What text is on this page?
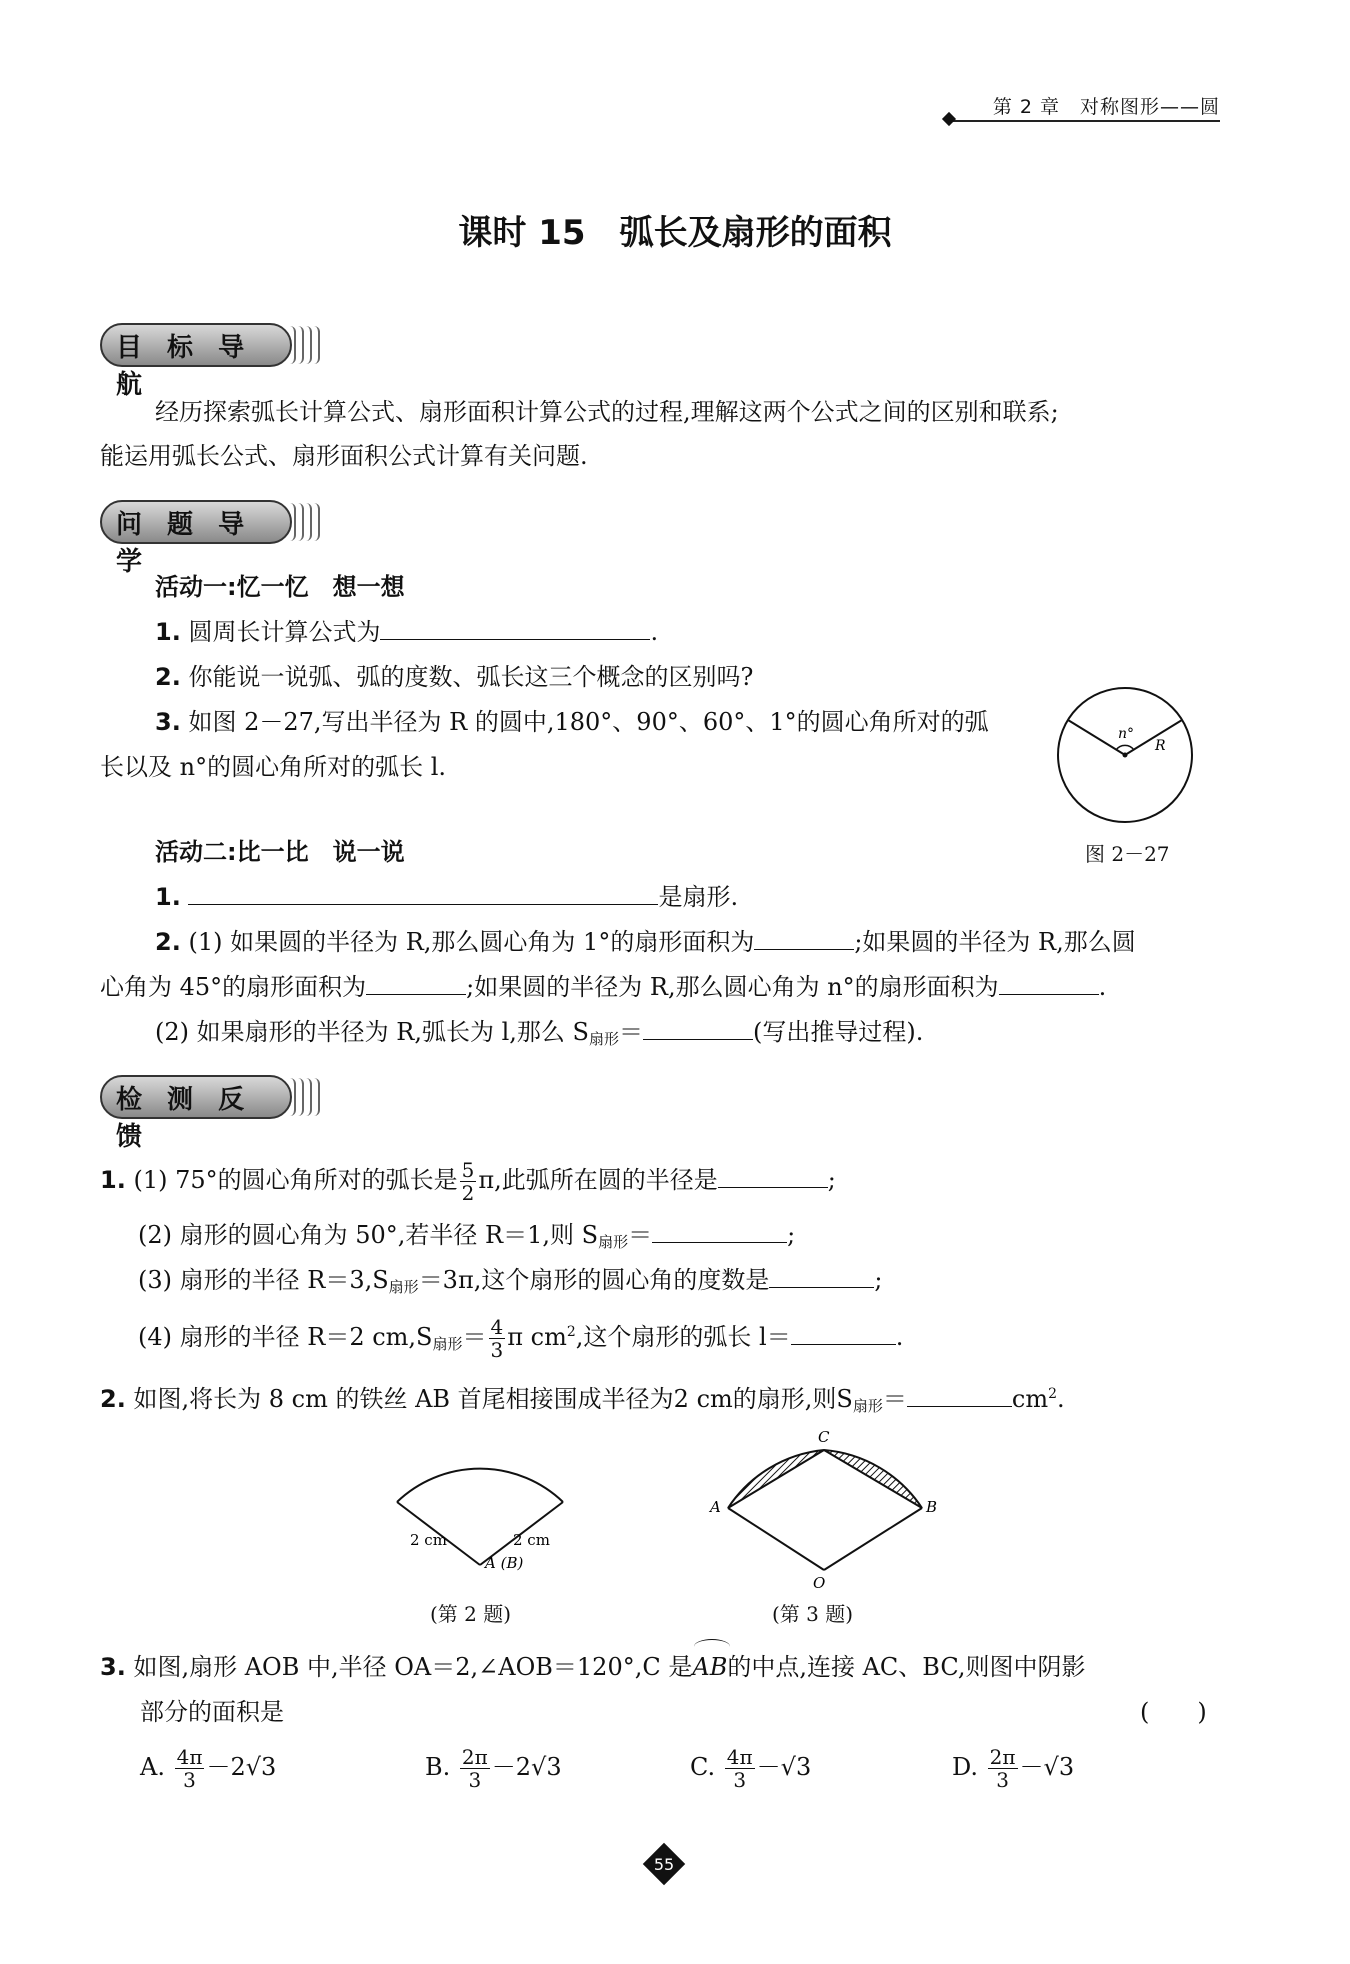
第 2 章　对称图形——圆
课时 15　弧长及扇形的面积
目 标 导 航
经历探索弧长计算公式、扇形面积计算公式的过程,理解这两个公式之间的区别和联系;
能运用弧长公式、扇形面积公式计算有关问题.
问 题 导 学
活动一:忆一忆　想一想
1. 圆周长计算公式为	.
2. 你能说一说弧、弧的度数、弧长这三个概念的区别吗?
3. 如图 2－27,写出半径为 R 的圆中,180°、90°、60°、1°的圆心角所对的弧
长以及 n°的圆心角所对的弧长 l.
n°
R
活动二:比一比　说一说	图 2－27
1.	是扇形.
2. (1) 如果圆的半径为 R,那么圆心角为 1°的扇形面积为	;如果圆的半径为 R,那么圆
心角为 45°的扇形面积为	;如果圆的半径为 R,那么圆心角为 n°的扇形面积为	.
(2) 如果扇形的半径为 R,弧长为 l,那么 $S_{扇形}=$	(写出推导过程).
检 测 反 馈
1. (1) 75°的圆心角所对的弧长是 $\frac{5}{2} \pi$,此弧所在圆的半径是	;
(2) 扇形的圆心角为 50°,若半径 R＝1,则 $S_{扇形}=$	;
(3) 扇形的半径 $R=3,S_{扇形}=3\pi$,这个扇形的圆心角的度数是	;
(4) 扇形的半径 R＝2 $cm,S_{扇形}= \frac{4}{3}$ π $cm^2$,这个扇形的弧长 l＝	.
2. 如图,将长为 8 cm 的铁丝 AB 首尾相接围成半径为2 cm的扇形,则$S_{扇形}=$	$cm^2$.
2 cm	2 cm
A (B)
(第 2 题)
C
A	B
O
(第 3 题)
3. 如图,扇形 AOB 中,半径 OA＝2,∠AOB＝120°,C 是
AB的中点,连接 AC、BC,则图中阴影
部分的面积是	(　　)
A. $\frac{4\pi}{3} -2√3$	B. $\frac{2\pi}{3} -2√3$	C. $\frac{4\pi}{3} -√3$	D. $\frac{2\pi}{3} -√3$
55
